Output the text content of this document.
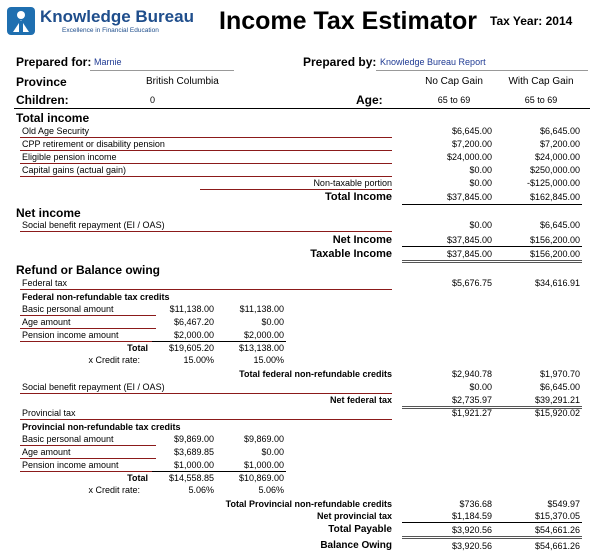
Knowledge Bureau
Excellence in Financial Education Income Tax Estimator Tax Year: 2014
Prepared for: Marnie	Prepared by: Knowledge Bureau Report
Province	British Columbia	No Cap Gain	With Cap Gain
Children:	0	Age:	65 to 69	65 to 69
Total income
Old Age Security	$6,645.00	$6,645.00
CPP retirement or disability pension	$7,200.00	$7,200.00
Eligible pension income	$24,000.00	$24,000.00
Capital gains (actual gain)	$0.00	$250,000.00
Non-taxable portion	$0.00	-$125,000.00
Total Income	$37,845.00	$162,845.00
Net income
Social benefit repayment (EI / OAS)	$0.00	$6,645.00
Net Income	$37,845.00	$156,200.00
Taxable Income	$37,845.00	$156,200.00
Refund or Balance owing
Federal tax	$5,676.75	$34,616.91
Federal non-refundable tax credits
Basic personal amount	$11,138.00	$11,138.00
Age amount	$6,467.20	$0.00
Pension income amount	$2,000.00	$2,000.00
Total	$19,605.20	$13,138.00
x Credit rate:	15.00%	15.00%
Total federal non-refundable credits	$2,940.78	$1,970.70
Social benefit repayment (EI / OAS)	$0.00	$6,645.00
Net federal tax	$2,735.97	$39,291.21
Provincial tax	$1,921.27	$15,920.02
Provincial non-refundable tax credits
Basic personal amount	$9,869.00	$9,869.00
Age amount	$3,689.85	$0.00
Pension income amount	$1,000.00	$1,000.00
Total	$14,558.85	$10,869.00
x Credit rate:	5.06%	5.06%
Total Provincial non-refundable credits	$736.68	$549.97
Net provincial tax	$1,184.59	$15,370.05
Total Payable	$3,920.56	$54,661.26
Balance Owing	$3,920.56	$54,661.26
